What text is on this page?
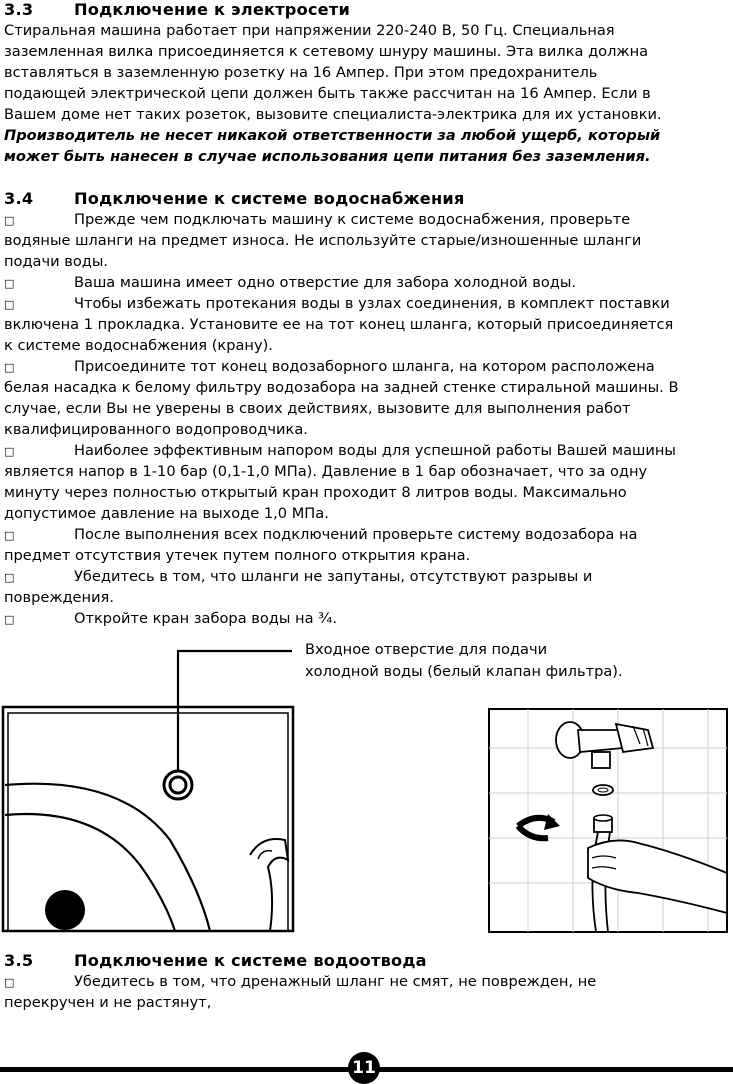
3.3	Подключение к электросети
Стиральная машина работает при напряжении 220-240 В, 50 Гц. Специальная
заземленная вилка присоединяется к сетевому шнуру машины. Эта вилка должна
вставляться в заземленную розетку на 16 Ампер. При этом предохранитель
подающей электрической цепи должен быть также рассчитан на 16 Ампер. Если в
Вашем доме нет таких розеток, вызовите специалиста-электрика для их установки.
Производитель не несет никакой ответственности за любой ущерб, который
может быть нанесен в случае использования цепи питания без заземления.
3.4	Подключение к системе водоснабжения
□	Прежде чем подключать машину к системе водоснабжения, проверьте
водяные шланги на предмет износа. Не используйте старые/изношенные шланги
подачи воды.
□	Ваша машина имеет одно отверстие для забора холодной воды.
□	Чтобы избежать протекания воды в узлах соединения, в комплект поставки
включена 1 прокладка. Установите ее на тот конец шланга, который присоединяется
к системе водоснабжения (крану).
□	Присоедините тот конец водозаборного шланга, на котором расположена
белая насадка к белому фильтру водозабора на задней стенке стиральной машины. В
случае, если Вы не уверены в своих действиях, вызовите для выполнения работ
квалифицированного водопроводчика.
□	Наиболее эффективным напором воды для успешной работы Вашей машины
является напор в 1-10 бар (0,1-1,0 МПа). Давление в 1 бар обозначает, что за одну
минуту через полностью открытый кран проходит 8 литров воды. Максимально
допустимое давление на выходе 1,0 МПа.
□	После выполнения всех подключений проверьте систему водозабора на
предмет отсутствия утечек путем полного открытия крана.
□	Убедитесь в том, что шланги не запутаны, отсутствуют разрывы и
повреждения.
□	Откройте кран забора воды на ¾.
Входное отверстие для подачи
холодной воды (белый клапан фильтра).
3.5	Подключение к системе водоотвода
□	Убедитесь в том, что дренажный шланг не смят, не поврежден, не
перекручен и не растянут,
11
